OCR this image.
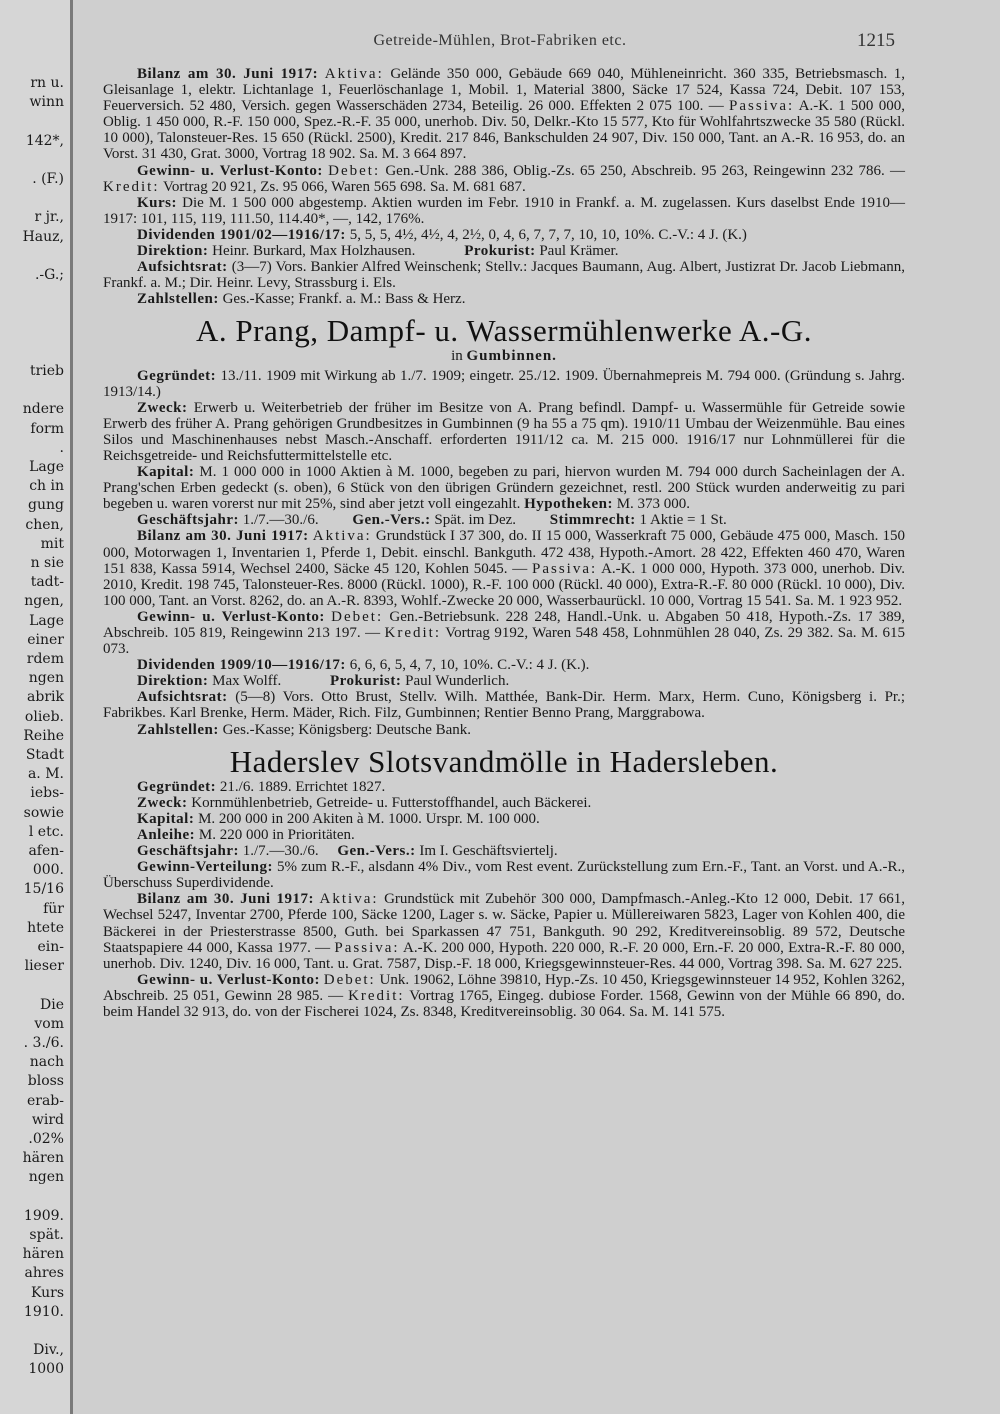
rn u.
winn
142*,
. (F.)
r jr.,
Hauz,
.-G.;
trieb
ndere
form
.
Lage
ch in
gung
chen,
mit
n sie
tadt-
ngen,
Lage
einer
rdem
ngen
abrik
olieb.
Reihe
Stadt
a. M.
iebs-
sowie
l etc.
afen-
000.
15/16
für
htete
ein-
lieser
Die
vom
. 3./6.
nach
bloss
erab-
wird
.02%
hären
ngen
1909.
spät.
hären
ahres
Kurs
1910.
Div.,
1000
Getreide-Mühlen, Brot-Fabriken etc.	1215

Bilanz am 30. Juni 1917: Aktiva: Gelände 350 000, Gebäude 669 040, Mühleneinricht. 360 335, Betriebsmasch. 1, Gleisanlage 1, elektr. Lichtanlage 1, Feuerlöschanlage 1, Mobil. 1, Material 3800, Säcke 17 524, Kassa 724, Debit. 107 153, Feuerversich. 52 480, Versich. gegen Wasserschäden 2734, Beteilig. 26 000. Effekten 2 075 100. — Passiva: A.-K. 1 500 000, Oblig. 1 450 000, R.-F. 150 000, Spez.-R.-F. 35 000, unerhob. Div. 50, Delkr.-Kto 15 577, Kto für Wohlfahrtszwecke 35 580 (Rückl. 10 000), Talonsteuer-Res. 15 650 (Rückl. 2500), Kredit. 217 846, Bankschulden 24 907, Div. 150 000, Tant. an A.-R. 16 953, do. an Vorst. 31 430, Grat. 3000, Vortrag 18 902. Sa. M. 3 664 897.

Gewinn- u. Verlust-Konto: Debet: Gen.-Unk. 288 386, Oblig.-Zs. 65 250, Abschreib. 95 263, Reingewinn 232 786. — Kredit: Vortrag 20 921, Zs. 95 066, Waren 565 698. Sa. M. 681 687.

Kurs: Die M. 1 500 000 abgestemp. Aktien wurden im Febr. 1910 in Frankf. a. M. zugelassen. Kurs daselbst Ende 1910—1917: 101, 115, 119, 111.50, 114.40*, —, 142, 176%.

Dividenden 1901/02—1916/17: 5, 5, 5, 4½, 4½, 4, 2½, 0, 4, 6, 7, 7, 7, 10, 10, 10%. C.-V.: 4 J. (K.)

Direktion: Heinr. Burkard, Max Holzhausen.   	Prokurist: Paul Krämer.

Aufsichtsrat: (3—7) Vors. Bankier Alfred Weinschenk; Stellv.: Jacques Baumann, Aug. Albert, Justizrat Dr. Jacob Liebmann, Frankf. a. M.; Dir. Heinr. Levy, Strassburg i. Els.

Zahlstellen: Ges.-Kasse; Frankf. a. M.: Bass & Herz.

A. Prang, Dampf- u. Wassermühlenwerke A.-G.
in Gumbinnen.

Gegründet: 13./11. 1909 mit Wirkung ab 1./7. 1909; eingetr. 25./12. 1909. Übernahmepreis M. 794 000. (Gründung s. Jahrg. 1913/14.)

Zweck: Erwerb u. Weiterbetrieb der früher im Besitze von A. Prang befindl. Dampf- u. Wassermühle für Getreide sowie Erwerb des früher A. Prang gehörigen Grundbesitzes in Gumbinnen (9 ha 55 a 75 qm). 1910/11 Umbau der Weizenmühle. Bau eines Silos und Maschinenhauses nebst Masch.-Anschaff. erforderten 1911/12 ca. M. 215 000. 1916/17 nur Lohnmüllerei für die Reichsgetreide- und Reichsfuttermittelstelle etc.

Kapital: M. 1 000 000 in 1000 Aktien à M. 1000, begeben zu pari, hiervon wurden M. 794 000 durch Sacheinlagen der A. Prang'schen Erben gedeckt (s. oben), 6 Stück von den übrigen Gründern gezeichnet, restl. 200 Stück wurden anderweitig zu pari begeben u. waren vorerst nur mit 25%, sind aber jetzt voll eingezahlt. Hypotheken: M. 373 000.

Geschäftsjahr: 1./7.—30./6.   Gen.-Vers.: Spät. im Dez.   Stimmrecht: 1 Aktie = 1 St.

Bilanz am 30. Juni 1917: Aktiva: Grundstück I 37 300, do. II 15 000, Wasserkraft 75 000, Gebäude 475 000, Masch. 150 000, Motorwagen 1, Inventarien 1, Pferde 1, Debit. einschl. Bankguth. 472 438, Hypoth.-Amort. 28 422, Effekten 460 470, Waren 151 838, Kassa 5914, Wechsel 2400, Säcke 45 120, Kohlen 5045. — Passiva: A.-K. 1 000 000, Hypoth. 373 000, unerhob. Div. 2010, Kredit. 198 745, Talonsteuer-Res. 8000 (Rückl. 1000), R.-F. 100 000 (Rückl. 40 000), Extra-R.-F. 80 000 (Rückl. 10 000), Div. 100 000, Tant. an Vorst. 8262, do. an A.-R. 8393, Wohlf.-Zwecke 20 000, Wasserbaurückl. 10 000, Vortrag 15 541. Sa. M. 1 923 952.

Gewinn- u. Verlust-Konto: Debet: Gen.-Betriebsunk. 228 248, Handl.-Unk. u. Abgaben 50 418, Hypoth.-Zs. 17 389, Abschreib. 105 819, Reingewinn 213 197. — Kredit: Vortrag 9192, Waren 548 458, Lohnmühlen 28 040, Zs. 29 382. Sa. M. 615 073.

Dividenden 1909/10—1916/17: 6, 6, 6, 5, 4, 7, 10, 10%. C.-V.: 4 J. (K.).

Direktion: Max Wolff.   	Prokurist: Paul Wunderlich.

Aufsichtsrat: (5—8) Vors. Otto Brust, Stellv. Wilh. Matthée, Bank-Dir. Herm. Marx, Herm. Cuno, Königsberg i. Pr.; Fabrikbes. Karl Brenke, Herm. Mäder, Rich. Filz, Gumbinnen; Rentier Benno Prang, Marggrabowa.

Zahlstellen: Ges.-Kasse; Königsberg: Deutsche Bank.

Haderslev Slotsvandmölle in Hadersleben.

Gegründet: 21./6. 1889. Errichtet 1827.

Zweck: Kornmühlenbetrieb, Getreide- u. Futterstoffhandel, auch Bäckerei.

Kapital: M. 200 000 in 200 Akiten à M. 1000. Urspr. M. 100 000.

Anleihe: M. 220 000 in Prioritäten.

Geschäftsjahr: 1./7.—30./6.  Gen.-Vers.: Im I. Geschäftsviertelj.

Gewinn-Verteilung: 5% zum R.-F., alsdann 4% Div., vom Rest event. Zurückstellung zum Ern.-F., Tant. an Vorst. und A.-R., Überschuss Superdividende.

Bilanz am 30. Juni 1917: Aktiva: Grundstück mit Zubehör 300 000, Dampfmasch.-Anleg.-Kto 12 000, Debit. 17 661, Wechsel 5247, Inventar 2700, Pferde 100, Säcke 1200, Lager s. w. Säcke, Papier u. Müllereiwaren 5823, Lager von Kohlen 400, die Bäckerei in der Priesterstrasse 8500, Guth. bei Sparkassen 47 751, Bankguth. 90 292, Kreditvereinsoblig. 89 572, Deutsche Staatspapiere 44 000, Kassa 1977. — Passiva: A.-K. 200 000, Hypoth. 220 000, R.-F. 20 000, Ern.-F. 20 000, Extra-R.-F. 80 000, unerhob. Div. 1240, Div. 16 000, Tant. u. Grat. 7587, Disp.-F. 18 000, Kriegsgewinnsteuer-Res. 44 000, Vortrag 398. Sa. M. 627 225.

Gewinn- u. Verlust-Konto: Debet: Unk. 19062, Löhne 39810, Hyp.-Zs. 10 450, Kriegsgewinnsteuer 14 952, Kohlen 3262, Abschreib. 25 051, Gewinn 28 985. — Kredit: Vortrag 1765, Eingeg. dubiose Forder. 1568, Gewinn von der Mühle 66 890, do. beim Handel 32 913, do. von der Fischerei 1024, Zs. 8348, Kreditvereinsoblig. 30 064. Sa. M. 141 575.
